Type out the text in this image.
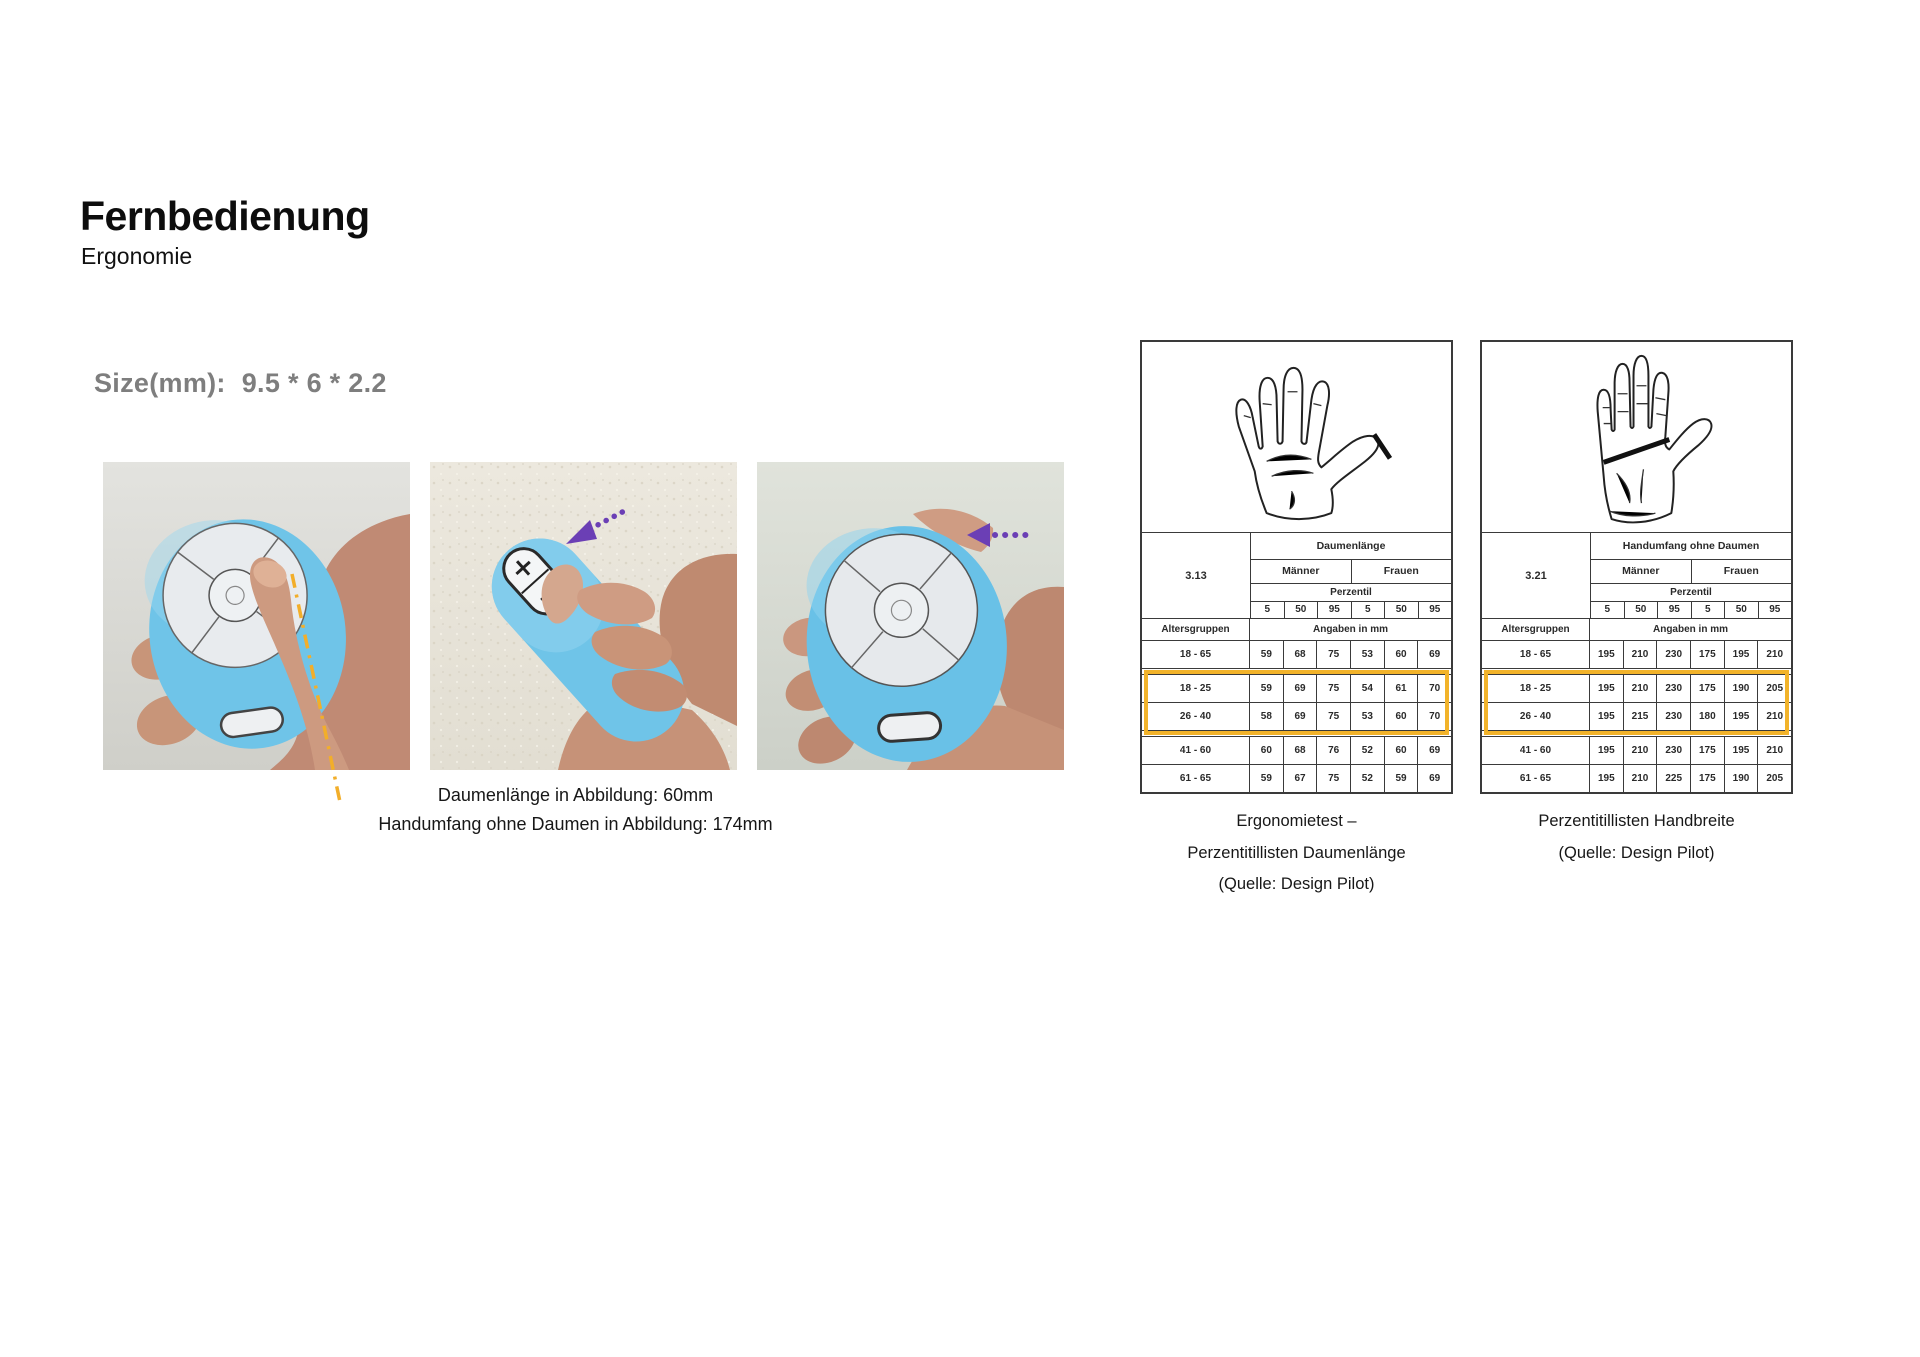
Fernbedienung
Ergonomie
Size(mm): 9.5 * 6 * 2.2
Daumenlänge in Abbildung: 60mm
Handumfang ohne Daumen in Abbildung: 174mm
3.13
Daumenlänge
Männer	Frauen
Perzentil
5	50	95	5	50	95
Altersgruppen	Angaben in mm
18 - 65	59	68	75	53	60	69
18 - 25	59	69	75	54	61	70
26 - 40	58	69	75	53	60	70
41 - 60	60	68	76	52	60	69
61 - 65	59	67	75	52	59	69
Ergonomietest –
Perzentitillisten Daumenlänge
(Quelle: Design Pilot)
3.21
Handumfang ohne Daumen
Männer	Frauen
Perzentil
5	50	95	5	50	95
Altersgruppen	Angaben in mm
18 - 65	195	210	230	175	195	210
18 - 25	195	210	230	175	190	205
26 - 40	195	215	230	180	195	210
41 - 60	195	210	230	175	195	210
61 - 65	195	210	225	175	190	205
Perzentitillisten Handbreite
(Quelle: Design Pilot)
